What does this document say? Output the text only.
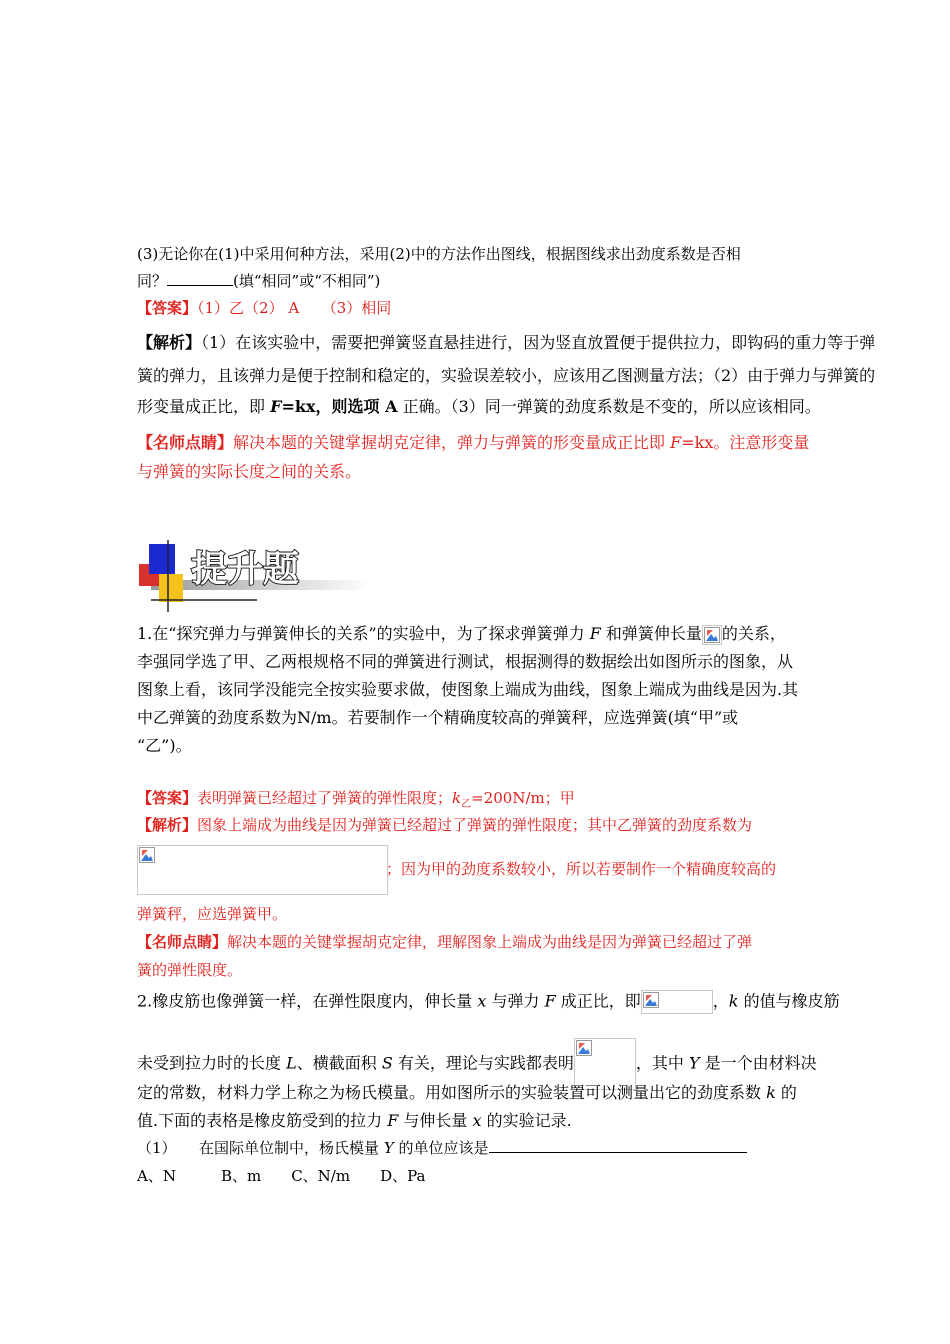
(3)无论你在(1)中采用何种方法，采用(2)中的方法作出图线，根据图线求出劲度系数是否相
同？	(填“相同”或“不相同”)
【答案】（1）乙（2） A　　（3）相同
【解析】（1）在该实验中，需要把弹簧竖直悬挂进行，因为竖直放置便于提供拉力，即钩码的重力等于弹
簧的弹力，且该弹力是便于控制和稳定的，实验误差较小，应该用乙图测量方法；（2）由于弹力与弹簧的
形变量成正比，即 F=kx，则选项 A 正确。（3）同一弹簧的劲度系数是不变的，所以应该相同。
【名师点睛】解决本题的关键掌握胡克定律，弹力与弹簧的形变量成正比即 F=kx。注意形变量
与弹簧的实际长度之间的关系。
提升题
1.在“探究弹力与弹簧伸长的关系”的实验中，为了探求弹簧弹力 F 和弹簧伸长量 的关系，
李强同学选了甲、乙两根规格不同的弹簧进行测试，根据测得的数据绘出如图所示的图象，从
图象上看，该同学没能完全按实验要求做，使图象上端成为曲线，图象上端成为曲线是因为.其
中乙弹簧的劲度系数为N/m。若要制作一个精确度较高的弹簧秤，应选弹簧(填“甲”或
“乙”)。
【答案】表明弹簧已经超过了弹簧的弹性限度；$k_乙=200N/m$；甲
【解析】图象上端成为曲线是因为弹簧已经超过了弹簧的弹性限度；其中乙弹簧的劲度系数为
；因为甲的劲度系数较小，所以若要制作一个精确度较高的
弹簧秤，应选弹簧甲。
【名师点睛】解决本题的关键掌握胡克定律，理解图象上端成为曲线是因为弹簧已经超过了弹
簧的弹性限度。
2.橡皮筋也像弹簧一样，在弹性限度内，伸长量 x 与弹力 F 成正比，即	，k 的值与橡皮筋
未受到拉力时的长度 L、横截面积 S 有关，理论与实践都表明	，其中 Y 是一个由材料决
定的常数，材料力学上称之为杨氏模量。用如图所示的实验装置可以测量出它的劲度系数 k 的
值.下面的表格是橡皮筋受到的拉力 F 与伸长量 x 的实验记录.
（1）　　在国际单位制中，杨氏模量 Y 的单位应该是
A、N　　　B、m　　C、N/m　　D、Pa
